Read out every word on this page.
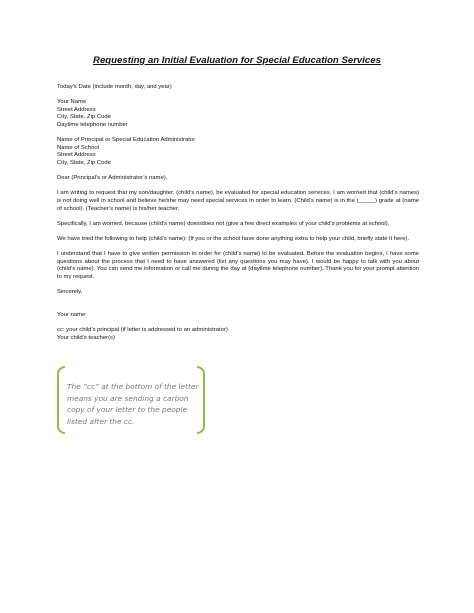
Requesting an Initial Evaluation for Special Education Services
Today’s Date (include month, day, and year)
Your Name
Street Address
City, State, Zip Code
Daytime telephone number
Name of Principal or Special Education Administrator
Name of School
Street Address
City, State, Zip Code
Dear (Principal’s or Administrator’s name),
I am writing to request that my son/daughter, (child’s name), be evaluated for special education services. I am worried that (child’s names) is not doing well in school and believe he/she may need special services in order to learn. (Child’s name) is in the (_____) grade at (name of school). (Teacher’s name) is his/her teacher.
Specifically, I am worried, because (child’s name) does/does not (give a few direct examples of your child’s problems at school).
We have tried the following to help (child’s name): (If you or the school have done anything extra to help your child, briefly state it here).
I understand that I have to give written permission in order for (child’s name) to be evaluated. Before the evaluation begins, I have some questions about the process that I need to have answered (list any questions you may have). I would be happy to talk with you about (child’s name). You can send me information or call me during the day at (daytime telephone number). Thank you for your prompt attention to my request.
Sincerely,
Your name
cc: your child’s principal (if letter is addressed to an administrator)
Your child’s teacher(s)
The “cc” at the bottom of the letter means you are sending a carbon copy of your letter to the people listed after the cc.
